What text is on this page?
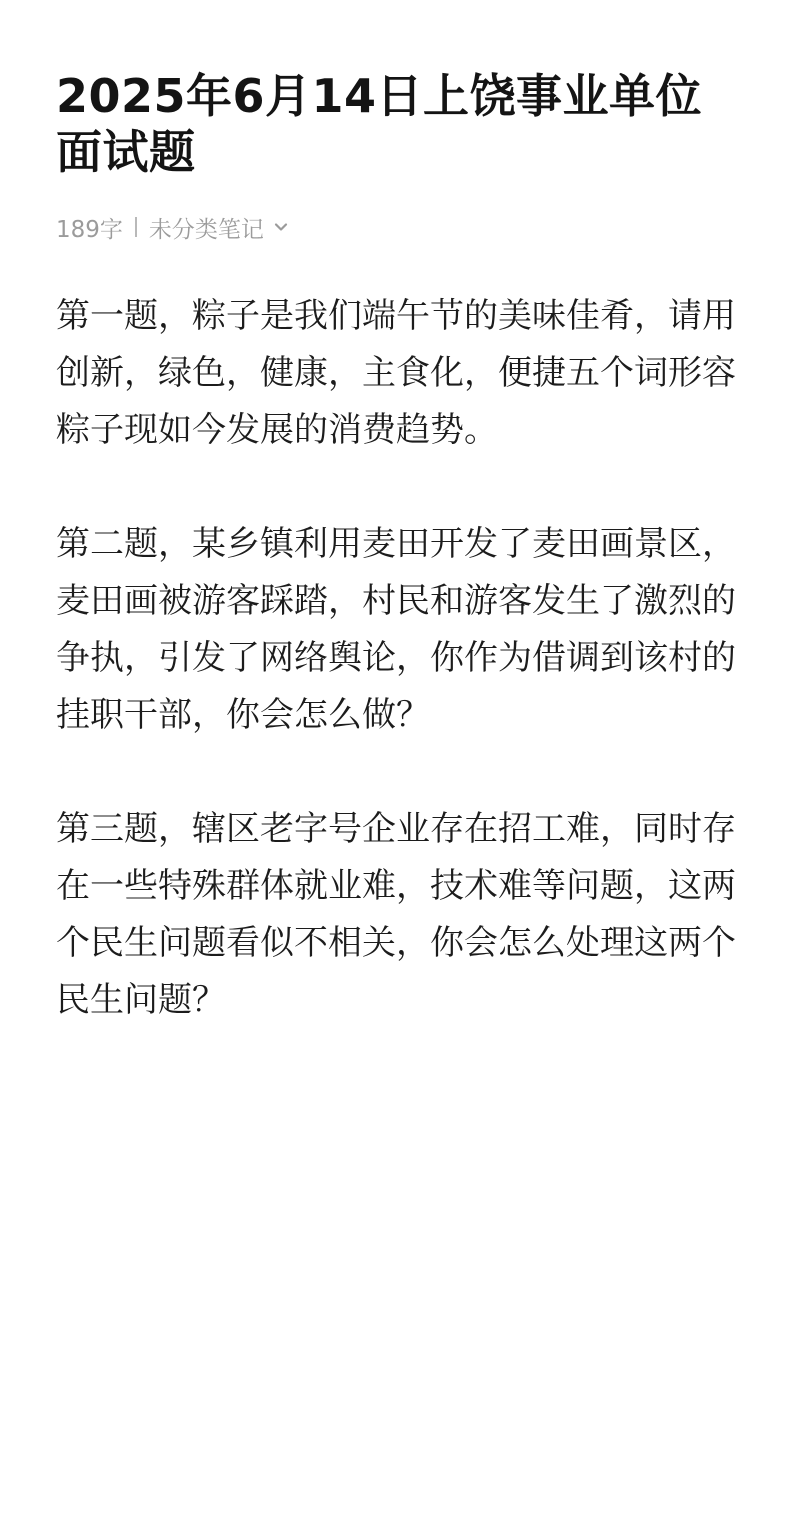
2025年6月14日上饶事业单位面试题
189字 未分类笔记

第一题，粽子是我们端午节的美味佳肴，请用创新，绿色，健康，主食化，便捷五个词形容粽子现如今发展的消费趋势。

第二题，某乡镇利用麦田开发了麦田画景区，麦田画被游客踩踏，村民和游客发生了激烈的争执，引发了网络舆论，你作为借调到该村的挂职干部，你会怎么做？

第三题，辖区老字号企业存在招工难，同时存在一些特殊群体就业难，技术难等问题，这两个民生问题看似不相关，你会怎么处理这两个民生问题？
